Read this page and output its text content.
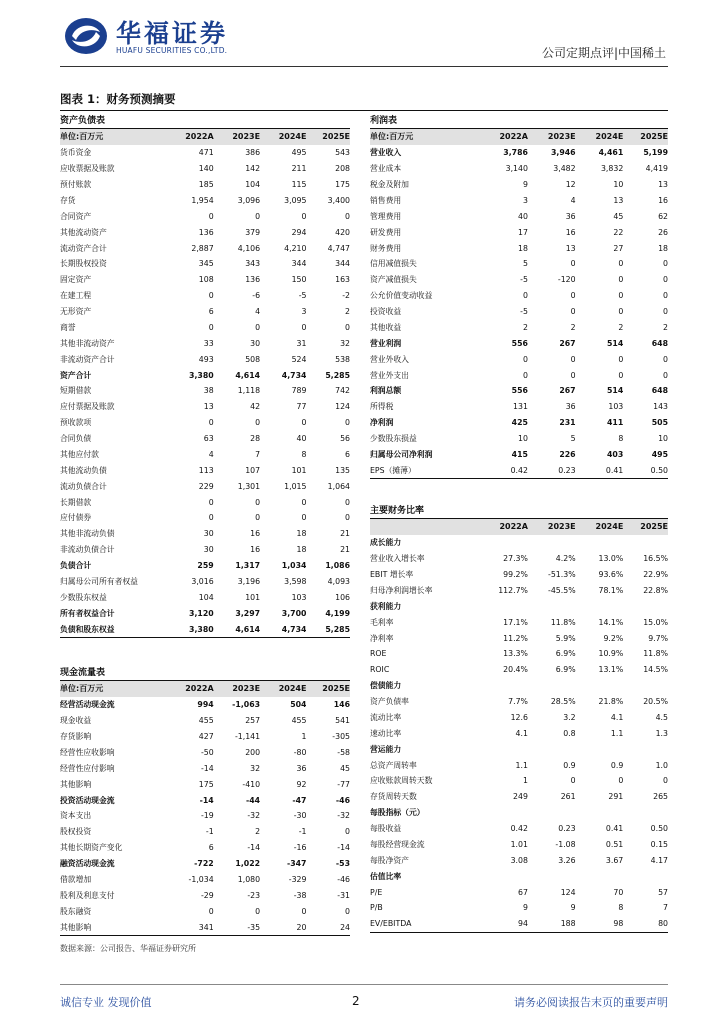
华福证券
HUAFU SECURITIES CO.,LTD.	公司定期点评|中国稀土
图表 1：财务预测摘要
资产负债表
单位:百万元	2022A	2023E	2024E	2025E
货币资金	471	386	495	543
应收票据及账款	140	142	211	208
预付账款	185	104	115	175
存货	1,954	3,096	3,095	3,400
合同资产	0	0	0	0
其他流动资产	136	379	294	420
流动资产合计	2,887	4,106	4,210	4,747
长期股权投资	345	343	344	344
固定资产	108	136	150	163
在建工程	0	-6	-5	-2
无形资产	6	4	3	2
商誉	0	0	0	0
其他非流动资产	33	30	31	32
非流动资产合计	493	508	524	538
资产合计	3,380	4,614	4,734	5,285
短期借款	38	1,118	789	742
应付票据及账款	13	42	77	124
预收款项	0	0	0	0
合同负债	63	28	40	56
其他应付款	4	7	8	6
其他流动负债	113	107	101	135
流动负债合计	229	1,301	1,015	1,064
长期借款	0	0	0	0
应付债券	0	0	0	0
其他非流动负债	30	16	18	21
非流动负债合计	30	16	18	21
负债合计	259	1,317	1,034	1,086
归属母公司所有者权益	3,016	3,196	3,598	4,093
少数股东权益	104	101	103	106
所有者权益合计	3,120	3,297	3,700	4,199
负债和股东权益	3,380	4,614	4,734	5,285
利润表
单位:百万元	2022A	2023E	2024E	2025E
营业收入	3,786	3,946	4,461	5,199
营业成本	3,140	3,482	3,832	4,419
税金及附加	9	12	10	13
销售费用	3	4	13	16
管理费用	40	36	45	62
研发费用	17	16	22	26
财务费用	18	13	27	18
信用减值损失	5	0	0	0
资产减值损失	-5	-120	0	0
公允价值变动收益	0	0	0	0
投资收益	-5	0	0	0
其他收益	2	2	2	2
营业利润	556	267	514	648
营业外收入	0	0	0	0
营业外支出	0	0	0	0
利润总额	556	267	514	648
所得税	131	36	103	143
净利润	425	231	411	505
少数股东损益	10	5	8	10
归属母公司净利润	415	226	403	495
EPS（摊薄）	0.42	0.23	0.41	0.50
现金流量表
单位:百万元	2022A	2023E	2024E	2025E
经营活动现金流	994	-1,063	504	146
现金收益	455	257	455	541
存货影响	427	-1,141	1	-305
经营性应收影响	-50	200	-80	-58
经营性应付影响	-14	32	36	45
其他影响	175	-410	92	-77
投资活动现金流	-14	-44	-47	-46
资本支出	-19	-32	-30	-32
股权投资	-1	2	-1	0
其他长期资产变化	6	-14	-16	-14
融资活动现金流	-722	1,022	-347	-53
借款增加	-1,034	1,080	-329	-46
股利及利息支付	-29	-23	-38	-31
股东融资	0	0	0	0
其他影响	341	-35	20	24
主要财务比率
	2022A	2023E	2024E	2025E
成长能力				
营业收入增长率	27.3%	4.2%	13.0%	16.5%
EBIT 增长率	99.2%	-51.3%	93.6%	22.9%
归母净利润增长率	112.7%	-45.5%	78.1%	22.8%
获利能力				
毛利率	17.1%	11.8%	14.1%	15.0%
净利率	11.2%	5.9%	9.2%	9.7%
ROE	13.3%	6.9%	10.9%	11.8%
ROIC	20.4%	6.9%	13.1%	14.5%
偿债能力				
资产负债率	7.7%	28.5%	21.8%	20.5%
流动比率	12.6	3.2	4.1	4.5
速动比率	4.1	0.8	1.1	1.3
营运能力				
总资产周转率	1.1	0.9	0.9	1.0
应收账款周转天数	1	0	0	0
存货周转天数	249	261	291	265
每股指标（元）				
每股收益	0.42	0.23	0.41	0.50
每股经营现金流	1.01	-1.08	0.51	0.15
每股净资产	3.08	3.26	3.67	4.17
估值比率				
P/E	67	124	70	57
P/B	9	9	8	7
EV/EBITDA	94	188	98	80
数据来源：公司报告、华福证券研究所
诚信专业 发现价值	2	请务必阅读报告末页的重要声明
